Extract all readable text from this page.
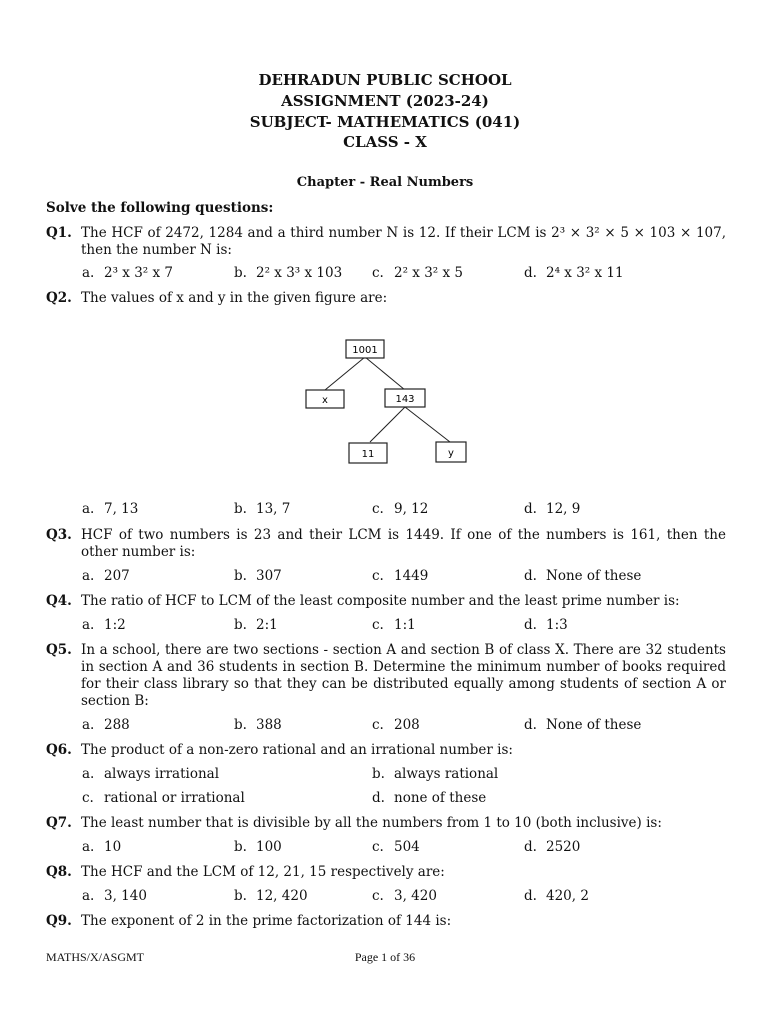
DEHRADUN PUBLIC SCHOOL
ASSIGNMENT (2023-24)
SUBJECT- MATHEMATICS (041)
CLASS - X
Chapter - Real Numbers
Solve the following questions:
Q1. The HCF of 2472, 1284 and a third number N is 12. If their LCM is 2³ × 3² × 5 × 103 × 107, then the number N is:
a. 2³ x 3² x 7	b. 2² x 3³ x 103 c. 2² x 3² x 5	d. 2⁴ x 3² x 11
Q2. The values of x and y in the given figure are:
1001
x	143
11	y
a. 7, 13	b. 13, 7	c. 9, 12	d. 12, 9
Q3. HCF of two numbers is 23 and their LCM is 1449. If one of the numbers is 161, then the other number is:
a. 207	b. 307	c. 1449	d. None of these
Q4. The ratio of HCF to LCM of the least composite number and the least prime number is:
a. 1:2	b. 2:1	c. 1:1	d. 1:3
Q5. In a school, there are two sections - section A and section B of class X. There are 32 students in section A and 36 students in section B. Determine the minimum number of books required for their class library so that they can be distributed equally among students of section A or section B:
a. 288	b. 388	c. 208	d. None of these
Q6. The product of a non-zero rational and an irrational number is:
a. always irrational	b. always rational
c. rational or irrational	d. none of these
Q7. The least number that is divisible by all the numbers from 1 to 10 (both inclusive) is:
a. 10	b. 100	c. 504	d. 2520
Q8. The HCF and the LCM of 12, 21, 15 respectively are:
a. 3, 140	b. 12, 420	c. 3, 420	d. 420, 2
Q9. The exponent of 2 in the prime factorization of 144 is:
MATHS/X/ASGMT	Page 1 of 36
